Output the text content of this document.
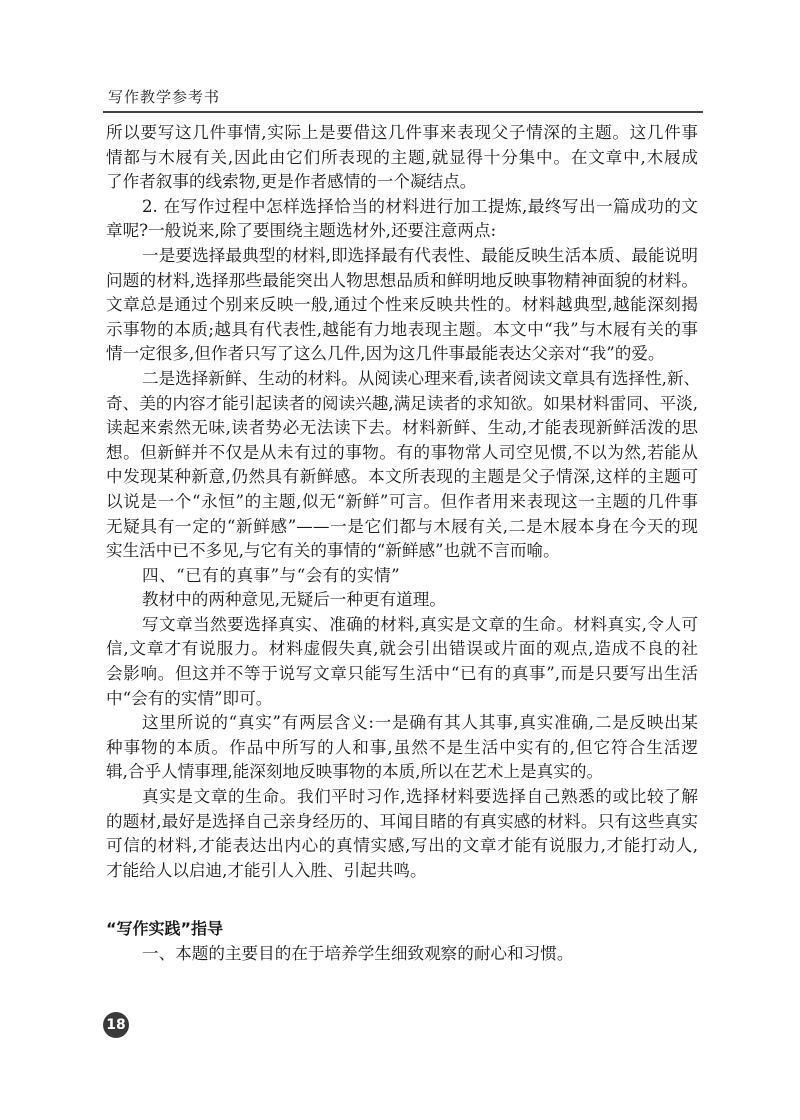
写作教学参考书
所以要写这几件事情,实际上是要借这几件事来表现父子情深的主题。这几件事
情都与木屐有关,因此由它们所表现的主题,就显得十分集中。在文章中,木屐成
了作者叙事的线索物,更是作者感情的一个凝结点。
2. 在写作过程中怎样选择恰当的材料进行加工提炼,最终写出一篇成功的文
章呢?一般说来,除了要围绕主题选材外,还要注意两点:
一是要选择最典型的材料,即选择最有代表性、最能反映生活本质、最能说明
问题的材料,选择那些最能突出人物思想品质和鲜明地反映事物精神面貌的材料。
文章总是通过个别来反映一般,通过个性来反映共性的。材料越典型,越能深刻揭
示事物的本质;越具有代表性,越能有力地表现主题。本文中“我”与木屐有关的事
情一定很多,但作者只写了这么几件,因为这几件事最能表达父亲对“我”的爱。
二是选择新鲜、生动的材料。从阅读心理来看,读者阅读文章具有选择性,新、
奇、美的内容才能引起读者的阅读兴趣,满足读者的求知欲。如果材料雷同、平淡,
读起来索然无味,读者势必无法读下去。材料新鲜、生动,才能表现新鲜活泼的思
想。但新鲜并不仅是从未有过的事物。有的事物常人司空见惯,不以为然,若能从
中发现某种新意,仍然具有新鲜感。本文所表现的主题是父子情深,这样的主题可
以说是一个“永恒”的主题,似无“新鲜”可言。但作者用来表现这一主题的几件事
无疑具有一定的“新鲜感”——一是它们都与木屐有关,二是木屐本身在今天的现
实生活中已不多见,与它有关的事情的“新鲜感”也就不言而喻。
四、“已有的真事”与“会有的实情”
教材中的两种意见,无疑后一种更有道理。
写文章当然要选择真实、准确的材料,真实是文章的生命。材料真实,令人可
信,文章才有说服力。材料虚假失真,就会引出错误或片面的观点,造成不良的社
会影响。但这并不等于说写文章只能写生活中“已有的真事”,而是只要写出生活
中“会有的实情”即可。
这里所说的“真实”有两层含义:一是确有其人其事,真实准确,二是反映出某
种事物的本质。作品中所写的人和事,虽然不是生活中实有的,但它符合生活逻
辑,合乎人情事理,能深刻地反映事物的本质,所以在艺术上是真实的。
真实是文章的生命。我们平时习作,选择材料要选择自己熟悉的或比较了解
的题材,最好是选择自己亲身经历的、耳闻目睹的有真实感的材料。只有这些真实
可信的材料,才能表达出内心的真情实感,写出的文章才能有说服力,才能打动人,
才能给人以启迪,才能引人入胜、引起共鸣。
“写作实践”指导
一、本题的主要目的在于培养学生细致观察的耐心和习惯。
18
